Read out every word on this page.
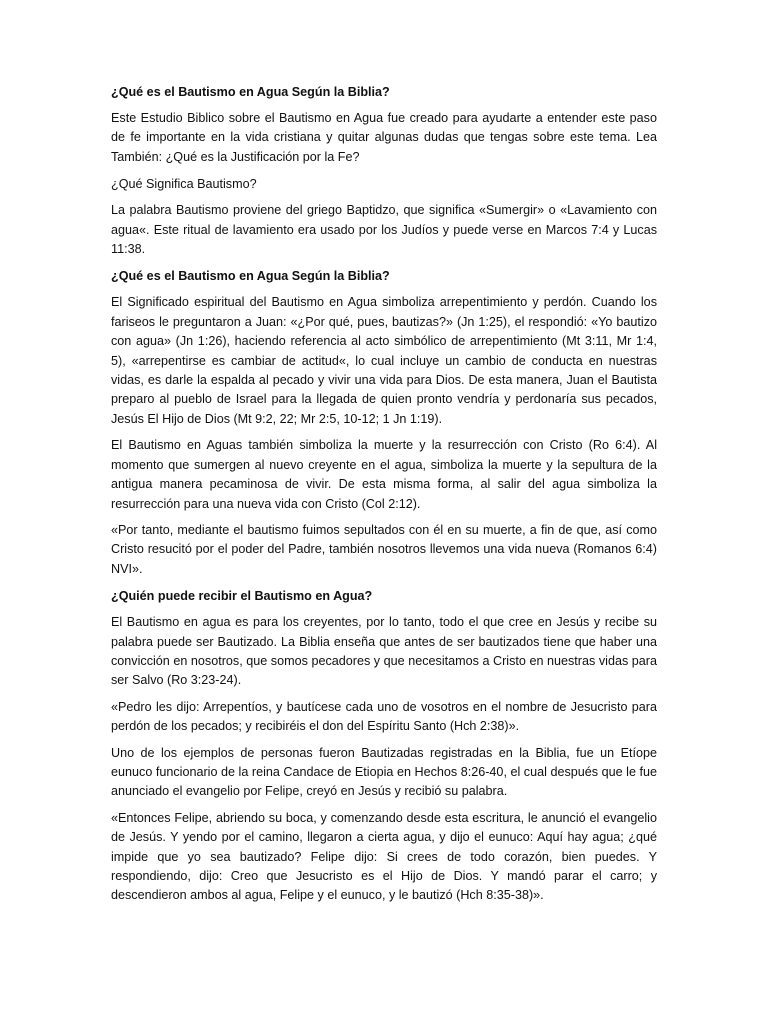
¿Qué es el Bautismo en Agua Según la Biblia?
Este Estudio Biblico sobre el Bautismo en Agua fue creado para ayudarte a entender este paso de fe importante en la vida cristiana y quitar algunas dudas que tengas sobre este tema. Lea También: ¿Qué es la Justificación por la Fe?
¿Qué Significa Bautismo?
La palabra Bautismo proviene del griego Baptidzo, que significa «Sumergir» o «Lavamiento con agua«. Este ritual de lavamiento era usado por los Judíos y puede verse en Marcos 7:4 y Lucas 11:38.
¿Qué es el Bautismo en Agua Según la Biblia?
El Significado espiritual del Bautismo en Agua simboliza arrepentimiento y perdón. Cuando los fariseos le preguntaron a Juan: «¿Por qué, pues, bautizas?» (Jn 1:25), el respondió: «Yo bautizo con agua» (Jn 1:26), haciendo referencia al acto simbólico de arrepentimiento (Mt 3:11, Mr 1:4, 5), «arrepentirse es cambiar de actitud«, lo cual incluye un cambio de conducta en nuestras vidas, es darle la espalda al pecado y vivir una vida para Dios. De esta manera, Juan el Bautista preparo al pueblo de Israel para la llegada de quien pronto vendría y perdonaría sus pecados, Jesús El Hijo de Dios (Mt 9:2, 22; Mr 2:5, 10-12; 1 Jn 1:19).
El Bautismo en Aguas también simboliza la muerte y la resurrección con Cristo (Ro 6:4). Al momento que sumergen al nuevo creyente en el agua, simboliza la muerte y la sepultura de la antigua manera pecaminosa de vivir. De esta misma forma, al salir del agua simboliza la resurrección para una nueva vida con Cristo (Col 2:12).
«Por tanto, mediante el bautismo fuimos sepultados con él en su muerte, a fin de que, así como Cristo resucitó por el poder del Padre, también nosotros llevemos una vida nueva (Romanos 6:4) NVI».
¿Quién puede recibir el Bautismo en Agua?
El Bautismo en agua es para los creyentes, por lo tanto, todo el que cree en Jesús y recibe su palabra puede ser Bautizado. La Biblia enseña que antes de ser bautizados tiene que haber una convicción en nosotros, que somos pecadores y que necesitamos a Cristo en nuestras vidas para ser Salvo (Ro 3:23-24).
«Pedro les dijo: Arrepentíos, y bautícese cada uno de vosotros en el nombre de Jesucristo para perdón de los pecados; y recibiréis el don del Espíritu Santo (Hch 2:38)».
Uno de los ejemplos de personas fueron Bautizadas registradas en la Biblia, fue un Etíope eunuco funcionario de la reina Candace de Etiopia en Hechos 8:26-40, el cual después que le fue anunciado el evangelio por Felipe, creyó en Jesús y recibió su palabra.
«Entonces Felipe, abriendo su boca, y comenzando desde esta escritura, le anunció el evangelio de Jesús. Y yendo por el camino, llegaron a cierta agua, y dijo el eunuco: Aquí hay agua; ¿qué impide que yo sea bautizado? Felipe dijo: Si crees de todo corazón, bien puedes. Y respondiendo, dijo: Creo que Jesucristo es el Hijo de Dios. Y mandó parar el carro; y descendieron ambos al agua, Felipe y el eunuco, y le bautizó (Hch 8:35-38)».
